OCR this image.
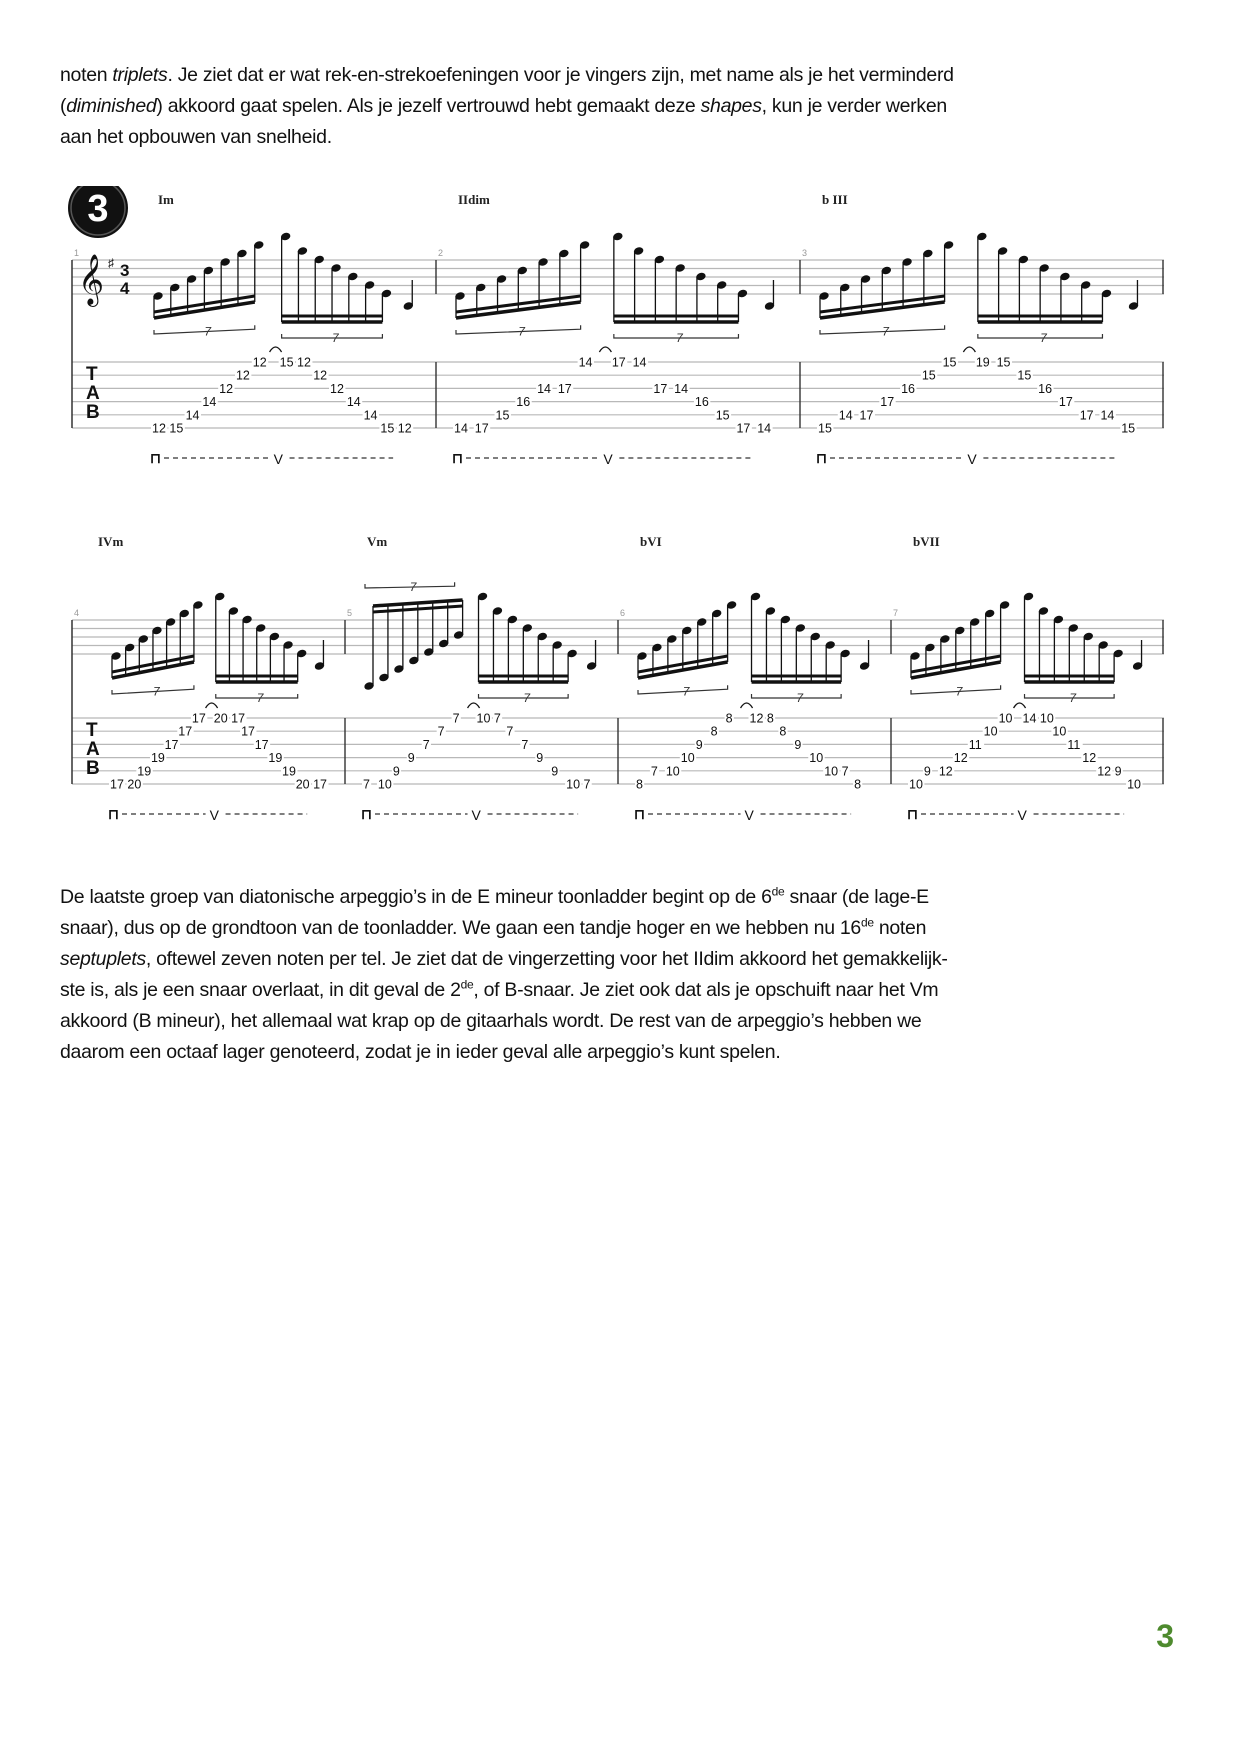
noten triplets. Je ziet dat er wat rek-en-strekoefeningen voor je vingers zijn, met name als je het verminderd
(diminished) akkoord gaat spelen. Als je jezelf vertrouwd hebt gemaakt deze shapes, kun je verder werken
aan het opbouwen van snelheid.
3
𝄞 ♯ 3
4
T
A
B
1
Im
7	7
12 15
14
14
12
12
12 15 12
12
12
14
14
15 12
⊓	V
2
IIdim
7	7
14 17
15
16
14 17
14 17 14
17 14
16
15
17 14
⊓	V
3
b III
7	7
15
14 17
17
16
15
15 19 15
15
16
17
17 14
15
⊓	V
T
A
B
4
IVm
7	7
17 20
19
19
17
17
17 20 17
17
17
19
19
20 17
⊓	V
5
Vm
7
7
7 10
9
9
7
7
7 10 7
7
7
9
9
10 7
⊓	V
6
bVI
7	7
8
7 10
10
9
8
8 12 8
8
9
10
10 7
8
⊓	V
7
bVII
7	7
10
9 12
12
11
10
10 14 10
10
11
12
12 9
10
⊓	V
De laatste groep van diatonische arpeggio’s in de E mineur toonladder begint op de 6de snaar (de lage-E
snaar), dus op de grondtoon van de toonladder. We gaan een tandje hoger en we hebben nu 16de noten
septuplets, oftewel zeven noten per tel. Je ziet dat de vingerzetting voor het IIdim akkoord het gemakkelijk-
ste is, als je een snaar overlaat, in dit geval de 2de, of B-snaar. Je ziet ook dat als je opschuift naar het Vm
akkoord (B mineur), het allemaal wat krap op de gitaarhals wordt. De rest van de arpeggio’s hebben we
daarom een octaaf lager genoteerd, zodat je in ieder geval alle arpeggio’s kunt spelen.
3
